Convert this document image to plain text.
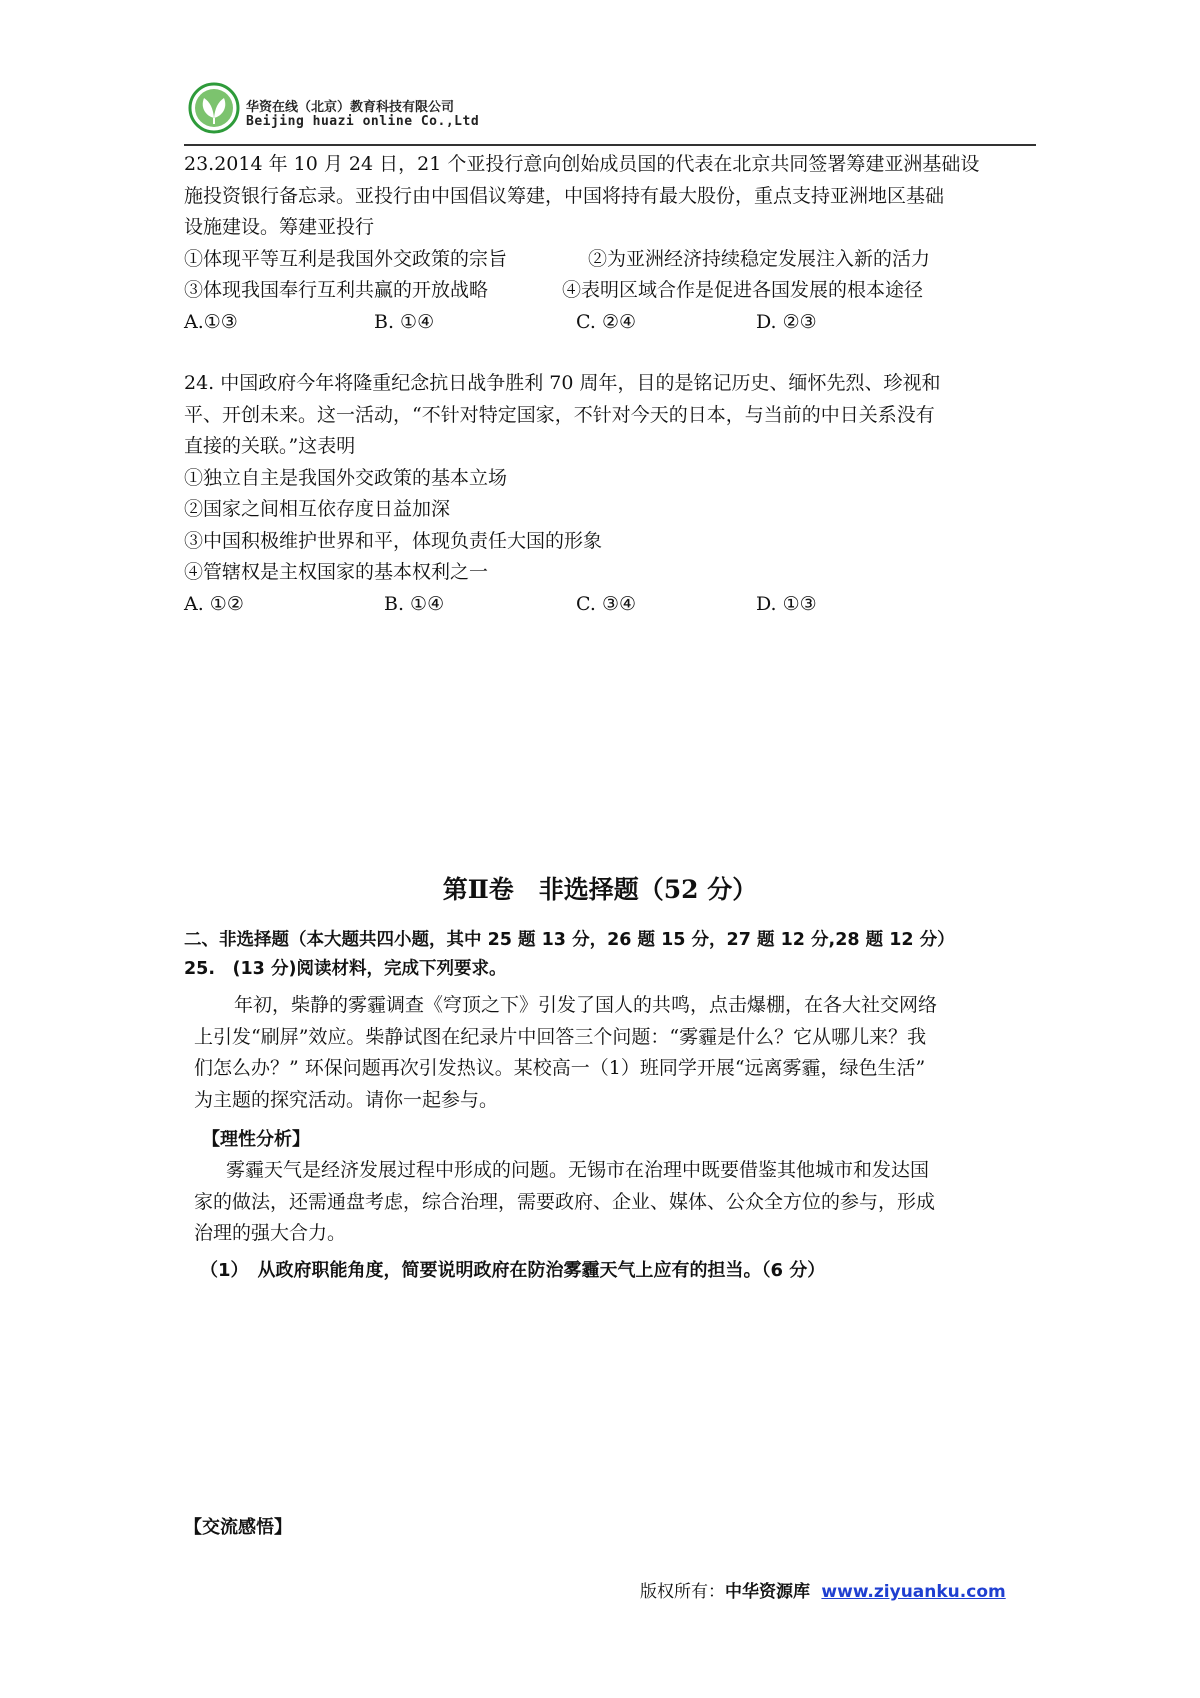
华资在线（北京）教育科技有限公司
Beijing huazi online Co.,Ltd
23.2014 年 10 月 24 日，21 个亚投行意向创始成员国的代表在北京共同签署筹建亚洲基础设
施投资银行备忘录。亚投行由中国倡议筹建，中国将持有最大股份，重点支持亚洲地区基础
设施建设。筹建亚投行
①体现平等互利是我国外交政策的宗旨	②为亚洲经济持续稳定发展注入新的活力
③体现我国奉行互利共赢的开放战略	④表明区域合作是促进各国发展的根本途径
A.①③	B. ①④	C. ②④	D. ②③
24. 中国政府今年将隆重纪念抗日战争胜利 70 周年，目的是铭记历史、缅怀先烈、珍视和
平、开创未来。这一活动，“不针对特定国家，不针对今天的日本，与当前的中日关系没有
直接的关联。”这表明
①独立自主是我国外交政策的基本立场
②国家之间相互依存度日益加深
③中国积极维护世界和平，体现负责任大国的形象
④管辖权是主权国家的基本权利之一
A. ①②	B. ①④	C. ③④	D. ①③
第Ⅱ卷　非选择题（52 分）
二、非选择题（本大题共四小题，其中 25 题 13 分，26 题 15 分，27 题 12 分,28 题 12 分）
25.　(13 分)阅读材料，完成下列要求。
年初，柴静的雾霾调查《穹顶之下》引发了国人的共鸣，点击爆棚，在各大社交网络
上引发“刷屏”效应。柴静试图在纪录片中回答三个问题：“雾霾是什么？它从哪儿来？我
们怎么办？” 环保问题再次引发热议。某校高一（1）班同学开展“远离雾霾，绿色生活”
为主题的探究活动。请你一起参与。
【理性分析】
雾霾天气是经济发展过程中形成的问题。无锡市在治理中既要借鉴其他城市和发达国
家的做法，还需通盘考虑，综合治理，需要政府、企业、媒体、公众全方位的参与，形成
治理的强大合力。
（1）　从政府职能角度，简要说明政府在防治雾霾天气上应有的担当。（6 分）
【交流感悟】
版权所有：中华资源库 www.ziyuanku.com
